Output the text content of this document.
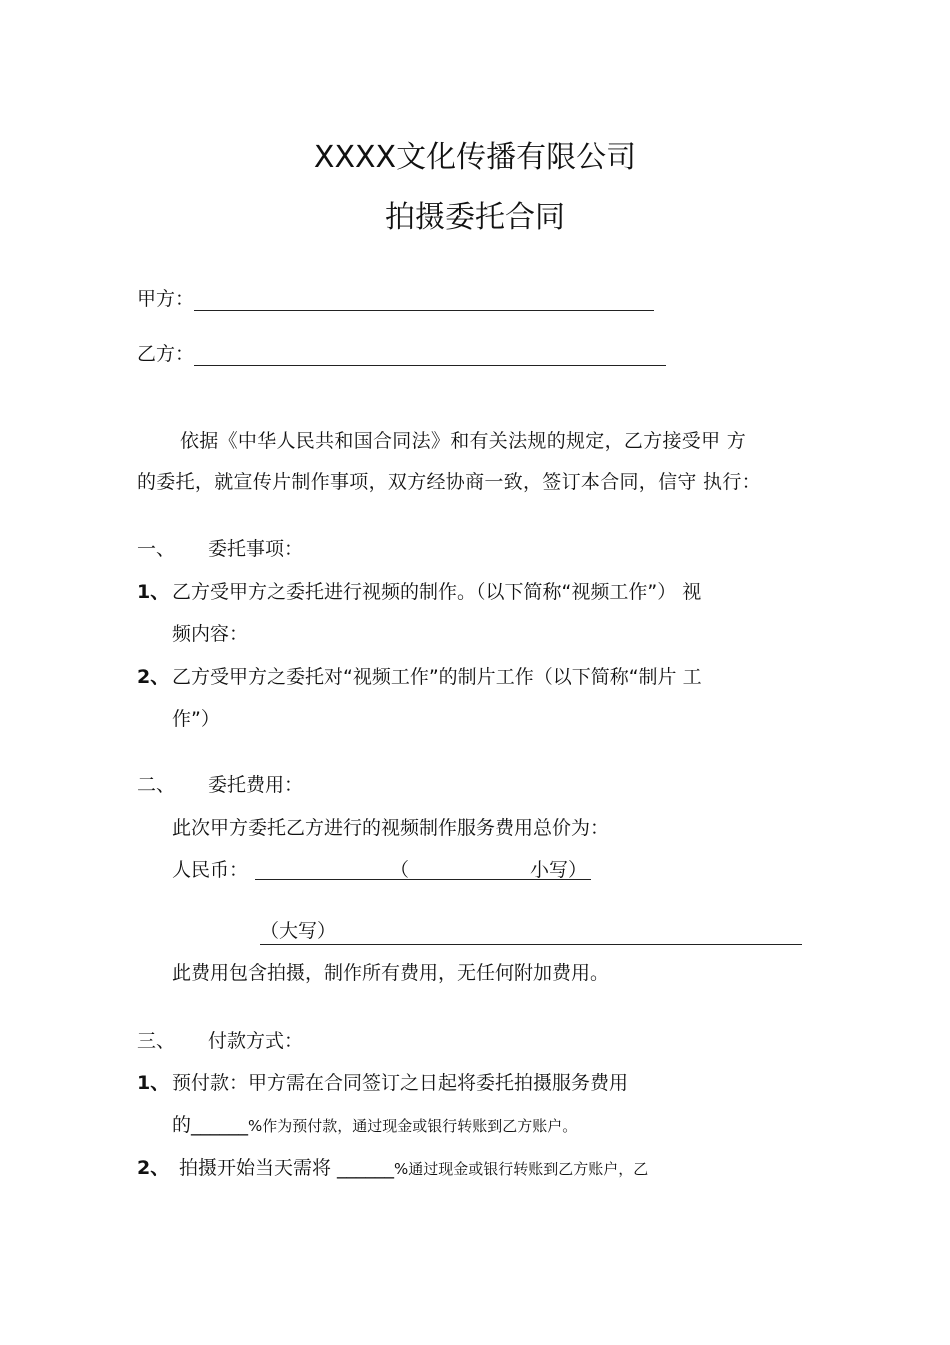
XXXX文化传播有限公司
拍摄委托合同
甲方：
乙方：
依据《中华人民共和国合同法》和有关法规的规定，乙方接受甲 方
的委托，就宣传片制作事项，双方经协商一致，签订本合同，信守 执行：
一、 委托事项：
1、 乙方受甲方之委托进行视频的制作。（以下简称“视频工作”） 视
频内容：
2、 乙方受甲方之委托对“视频工作”的制片工作（以下简称“制片 工
作”）
二、 委托费用：
此次甲方委托乙方进行的视频制作服务费用总价为：
人民币：	（	小写）
（大写）
此费用包含拍摄，制作所有费用，无任何附加费用。
三、 付款方式：
1、 预付款：甲方需在合同签订之日起将委托拍摄服务费用
的______%作为预付款，通过现金或银行转账到乙方账户。
2、 拍摄开始当天需将 ______%通过现金或银行转账到乙方账户，乙
